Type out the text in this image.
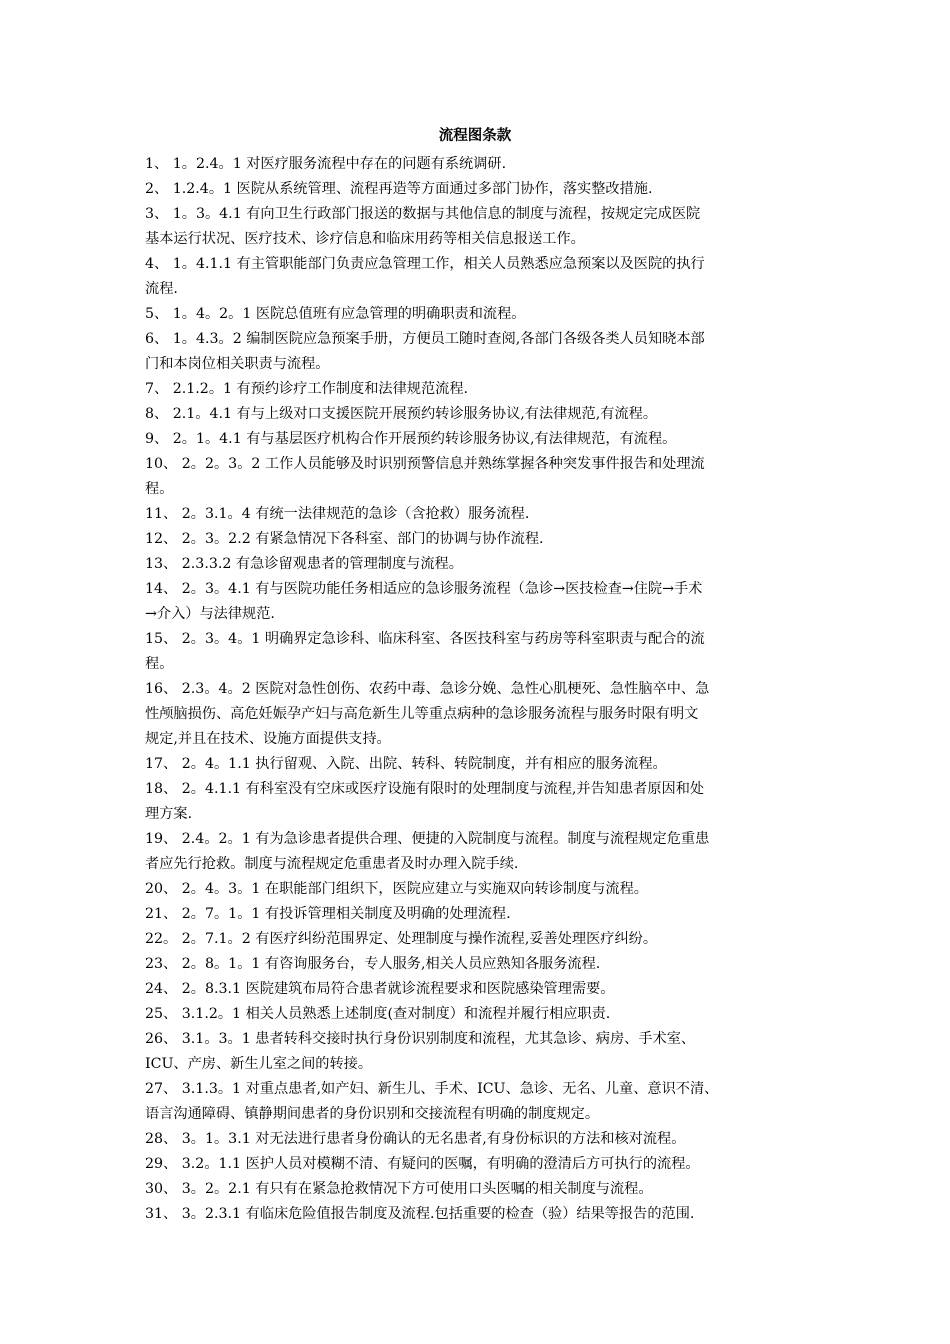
流程图条款
1、 1。2.4。1 对医疗服务流程中存在的问题有系统调研.
2、 1.2.4。1 医院从系统管理、流程再造等方面通过多部门协作，落实整改措施.
3、 1。3。4.1 有向卫生行政部门报送的数据与其他信息的制度与流程，按规定完成医院
基本运行状况、医疗技术、诊疗信息和临床用药等相关信息报送工作。
4、 1。4.1.1 有主管职能部门负责应急管理工作，相关人员熟悉应急预案以及医院的执行
流程.
5、 1。4。2。1 医院总值班有应急管理的明确职责和流程。
6、 1。4.3。2 编制医院应急预案手册，方便员工随时查阅,各部门各级各类人员知晓本部
门和本岗位相关职责与流程。
7、 2.1.2。1 有预约诊疗工作制度和法律规范流程.
8、 2.1。4.1 有与上级对口支援医院开展预约转诊服务协议,有法律规范,有流程。
9、 2。1。4.1 有与基层医疗机构合作开展预约转诊服务协议,有法律规范，有流程。
10、 2。2。3。2 工作人员能够及时识别预警信息并熟练掌握各种突发事件报告和处理流
程。
11、 2。3.1。4 有统一法律规范的急诊（含抢救）服务流程.
12、 2。3。2.2 有紧急情况下各科室、部门的协调与协作流程.
13、 2.3.3.2 有急诊留观患者的管理制度与流程。
14、 2。3。4.1 有与医院功能任务相适应的急诊服务流程（急诊→医技检查→住院→手术
→介入）与法律规范.
15、 2。3。4。1 明确界定急诊科、临床科室、各医技科室与药房等科室职责与配合的流
程。
16、 2.3。4。2 医院对急性创伤、农药中毒、急诊分娩、急性心肌梗死、急性脑卒中、急
性颅脑损伤、高危妊娠孕产妇与高危新生儿等重点病种的急诊服务流程与服务时限有明文
规定,并且在技术、设施方面提供支持。
17、 2。4。1.1 执行留观、入院、出院、转科、转院制度，并有相应的服务流程。
18、 2。4.1.1 有科室没有空床或医疗设施有限时的处理制度与流程,并告知患者原因和处
理方案.
19、 2.4。2。1 有为急诊患者提供合理、便捷的入院制度与流程。制度与流程规定危重患
者应先行抢救。制度与流程规定危重患者及时办理入院手续.
20、 2。4。3。1 在职能部门组织下，医院应建立与实施双向转诊制度与流程。
21、 2。7。1。1 有投诉管理相关制度及明确的处理流程.
22。 2。7.1。2 有医疗纠纷范围界定、处理制度与操作流程,妥善处理医疗纠纷。
23、 2。8。1。1 有咨询服务台，专人服务,相关人员应熟知各服务流程.
24、 2。8.3.1 医院建筑布局符合患者就诊流程要求和医院感染管理需要。
25、 3.1.2。1 相关人员熟悉上述制度(查对制度）和流程并履行相应职责.
26、 3.1。3。1 患者转科交接时执行身份识别制度和流程，尤其急诊、病房、手术室、
ICU、产房、新生儿室之间的转接。
27、 3.1.3。1 对重点患者,如产妇、新生儿、手术、ICU、急诊、无名、儿童、意识不清、
语言沟通障碍、镇静期间患者的身份识别和交接流程有明确的制度规定。
28、 3。1。3.1 对无法进行患者身份确认的无名患者,有身份标识的方法和核对流程。
29、 3.2。1.1 医护人员对模糊不清、有疑问的医嘱，有明确的澄清后方可执行的流程。
30、 3。2。2.1 有只有在紧急抢救情况下方可使用口头医嘱的相关制度与流程。
31、 3。2.3.1 有临床危险值报告制度及流程.包括重要的检查（验）结果等报告的范围.
